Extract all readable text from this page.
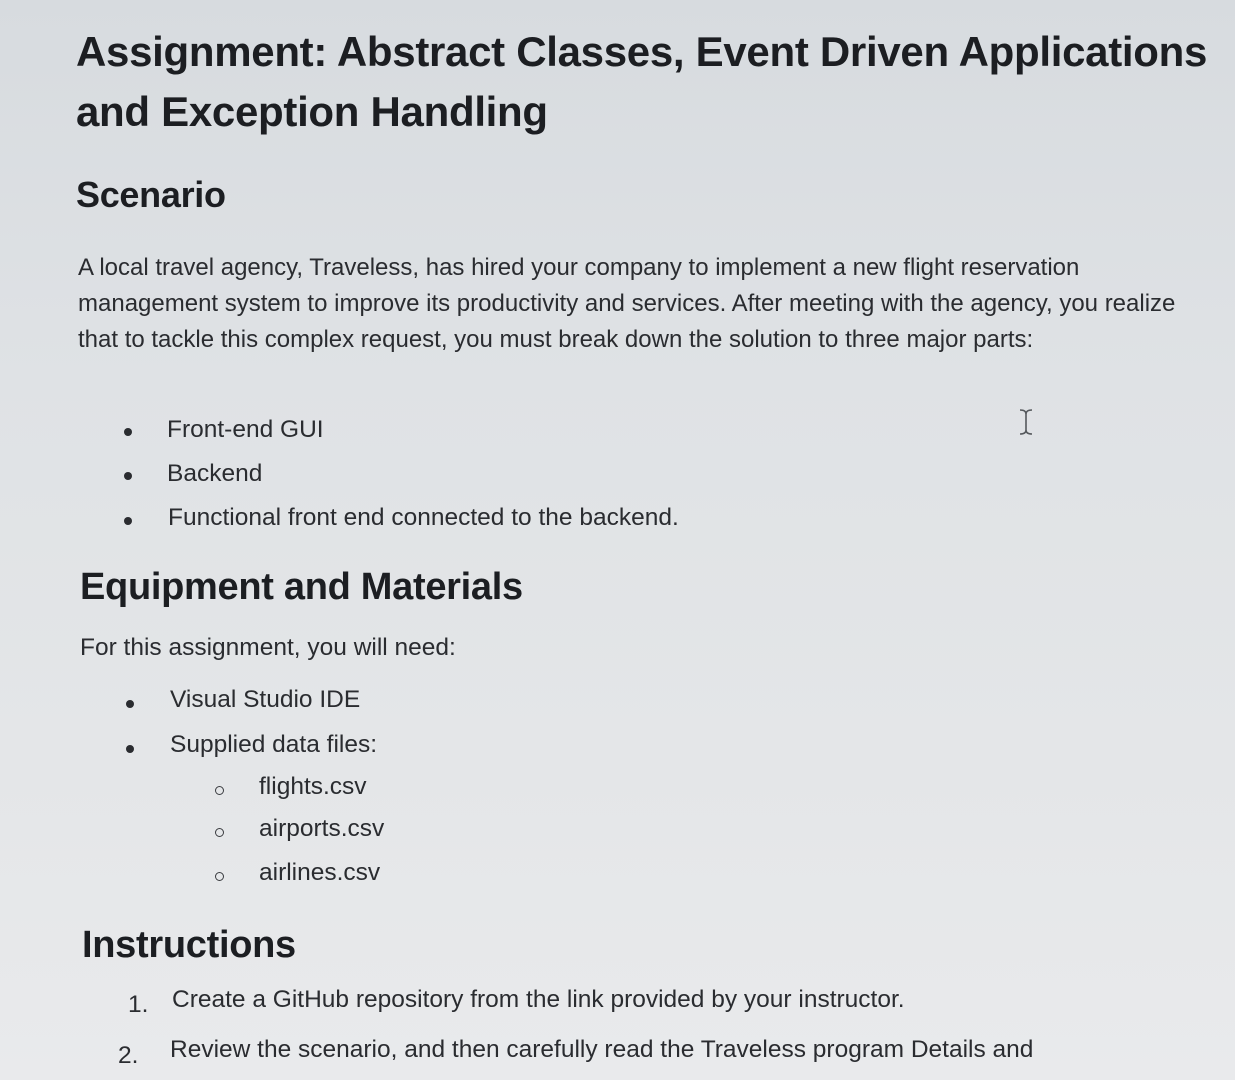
Assignment: Abstract Classes, Event Driven Applications
and Exception Handling
Scenario

A local travel agency, Traveless, has hired your company to implement a new flight reservation management system to improve its productivity and services. After meeting with the agency, you realize that to tackle this complex request, you must break down the solution to three major parts:

Front-end GUI
Backend
Functional front end connected to the backend.
Equipment and Materials

For this assignment, you will need:

Visual Studio IDE
Supplied data files:
flights.csv
airports.csv
airlines.csv
Instructions
1. Create a GitHub repository from the link provided by your instructor.
2. Review the scenario, and then carefully read the Traveless program Details and
